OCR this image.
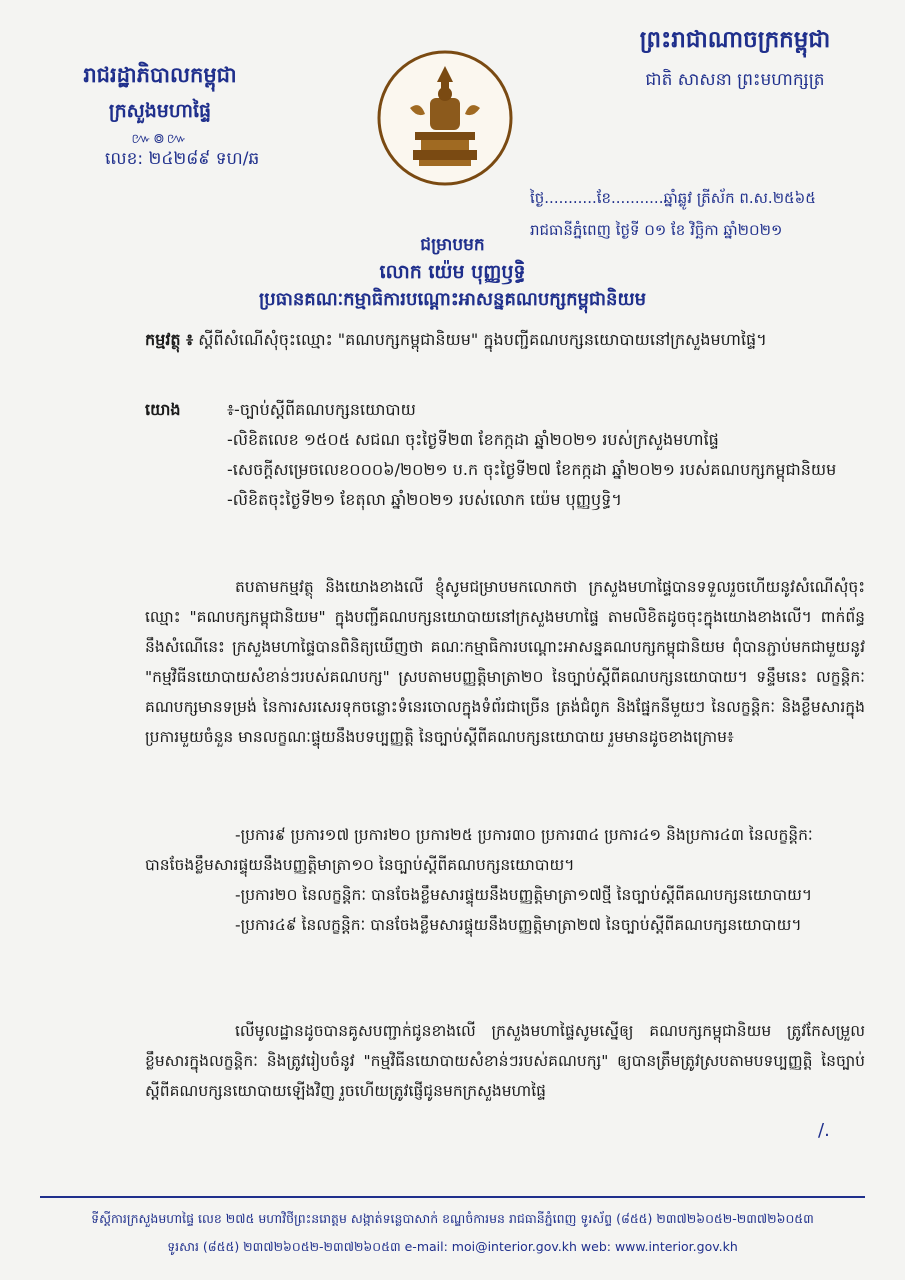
រាជរដ្ឋាភិបាលកម្ពុជា
ក្រសួងមហាផ្ទៃ
៚៙៚
លេខ: ២៤២៨៩ ទហ/ឆ
ព្រះរាជាណាចក្រកម្ពុជា
ជាតិ សាសនា ព្រះមហាក្សត្រ
ថ្ងៃ...........ខែ...........ឆ្នាំឆ្លូវ ត្រីស័ក ព.ស.២៥៦៥
រាជធានីភ្នំពេញ ថ្ងៃទី ០១ ខែ វិច្ឆិកា ឆ្នាំ២០២១
ជម្រាបមក
លោក យ៉េម បុញ្ញឫទ្ធិ
ប្រធានគណៈកម្មាធិការបណ្ដោះអាសន្នគណបក្សកម្ពុជានិយម
កម្មវត្ថុ ៖ ស្ដីពីសំណើសុំចុះឈ្មោះ "គណបក្សកម្ពុជានិយម" ក្នុងបញ្ជីគណបក្សនយោបាយនៅក្រសួងមហាផ្ទៃ។
យោង	៖-ច្បាប់ស្ដីពីគណបក្សនយោបាយ
-លិខិតលេខ ១៥០៥ សជណ ចុះថ្ងៃទី២៣ ខែកក្កដា ឆ្នាំ២០២១ របស់ក្រសួងមហាផ្ទៃ
-សេចក្ដីសម្រេចលេខ០០០៦/២០២១ ប.ក ចុះថ្ងៃទី២៧ ខែកក្កដា ឆ្នាំ២០២១ របស់គណបក្សកម្ពុជានិយម
-លិខិតចុះថ្ងៃទី២១ ខែតុលា ឆ្នាំ២០២១ របស់លោក យ៉េម បុញ្ញឫទ្ធិ។
តបតាមកម្មវត្ថុ និងយោងខាងលើ ខ្ញុំសូមជម្រាបមកលោកថា ក្រសួងមហាផ្ទៃបានទទួលរួចហើយនូវសំណើសុំចុះឈ្មោះ "គណបក្សកម្ពុជានិយម" ក្នុងបញ្ជីគណបក្សនយោបាយនៅក្រសួងមហាផ្ទៃ តាមលិខិតដូចចុះក្នុងយោងខាងលើ។ ពាក់ព័ន្ធនឹងសំណើនេះ ក្រសួងមហាផ្ទៃបានពិនិត្យឃើញថា គណៈកម្មាធិការបណ្ដោះអាសន្នគណបក្សកម្ពុជានិយម ពុំបានភ្ជាប់មកជាមួយនូវ "កម្មវិធីនយោបាយសំខាន់ៗរបស់គណបក្ស" ស្របតាមបញ្ញត្តិមាត្រា២០ នៃច្បាប់ស្ដីពីគណបក្សនយោបាយ។ ទន្ទឹមនេះ លក្ខន្តិកៈគណបក្សមានទម្រង់ នៃការសរសេរទុកចន្លោះទំនេរចោលក្នុងទំព័រជាច្រើន ត្រង់ជំពូក និងផ្នែកនីមួយៗ នៃលក្ខន្តិកៈ និងខ្លឹមសារក្នុងប្រការមួយចំនួន មានលក្ខណៈផ្ទុយនឹងបទប្បញ្ញត្តិ នៃច្បាប់ស្ដីពីគណបក្សនយោបាយ រួមមានដូចខាងក្រោម៖
-ប្រការ៩ ប្រការ១៧ ប្រការ២០ ប្រការ២៥ ប្រការ៣០ ប្រការ៣៤ ប្រការ៤១ និងប្រការ៤៣ នៃលក្ខន្តិកៈ បានចែងខ្លឹមសារផ្ទុយនឹងបញ្ញត្តិមាត្រា១០ នៃច្បាប់ស្ដីពីគណបក្សនយោបាយ។
-ប្រការ២០ នៃលក្ខន្តិកៈ បានចែងខ្លឹមសារផ្ទុយនឹងបញ្ញត្តិមាត្រា១៧ថ្មី នៃច្បាប់ស្ដីពីគណបក្សនយោបាយ។
-ប្រការ៤៩ នៃលក្ខន្តិកៈ បានចែងខ្លឹមសារផ្ទុយនឹងបញ្ញត្តិមាត្រា២៧ នៃច្បាប់ស្ដីពីគណបក្សនយោបាយ។
លើមូលដ្ឋានដូចបានគូសបញ្ជាក់ជូនខាងលើ ក្រសួងមហាផ្ទៃសូមស្នើឲ្យ គណបក្សកម្ពុជានិយម ត្រូវកែសម្រួលខ្លឹមសារក្នុងលក្ខន្តិកៈ និងត្រូវរៀបចំនូវ "កម្មវិធីនយោបាយសំខាន់ៗរបស់គណបក្ស" ឲ្យបានត្រឹមត្រូវស្របតាមបទប្បញ្ញត្តិ នៃច្បាប់ស្ដីពីគណបក្សនយោបាយឡើងវិញ រួចហើយត្រូវផ្ញើជូនមកក្រសួងមហាផ្ទៃ
/.
ទីស្ដីការក្រសួងមហាផ្ទៃ លេខ ២៧៥ មហាវិថីព្រះនរោត្តម សង្កាត់ទន្លេបាសាក់ ខណ្ឌចំការមន រាជធានីភ្នំពេញ ទូរស័ព្ទ (៨៥៥) ២៣៧២៦០៥២-២៣៧២៦០៥៣
ទូរសារ (៨៥៥) ២៣៧២៦០៥២-២៣៧២៦០៥៣ e-mail: moi@interior.gov.kh web: www.interior.gov.kh
